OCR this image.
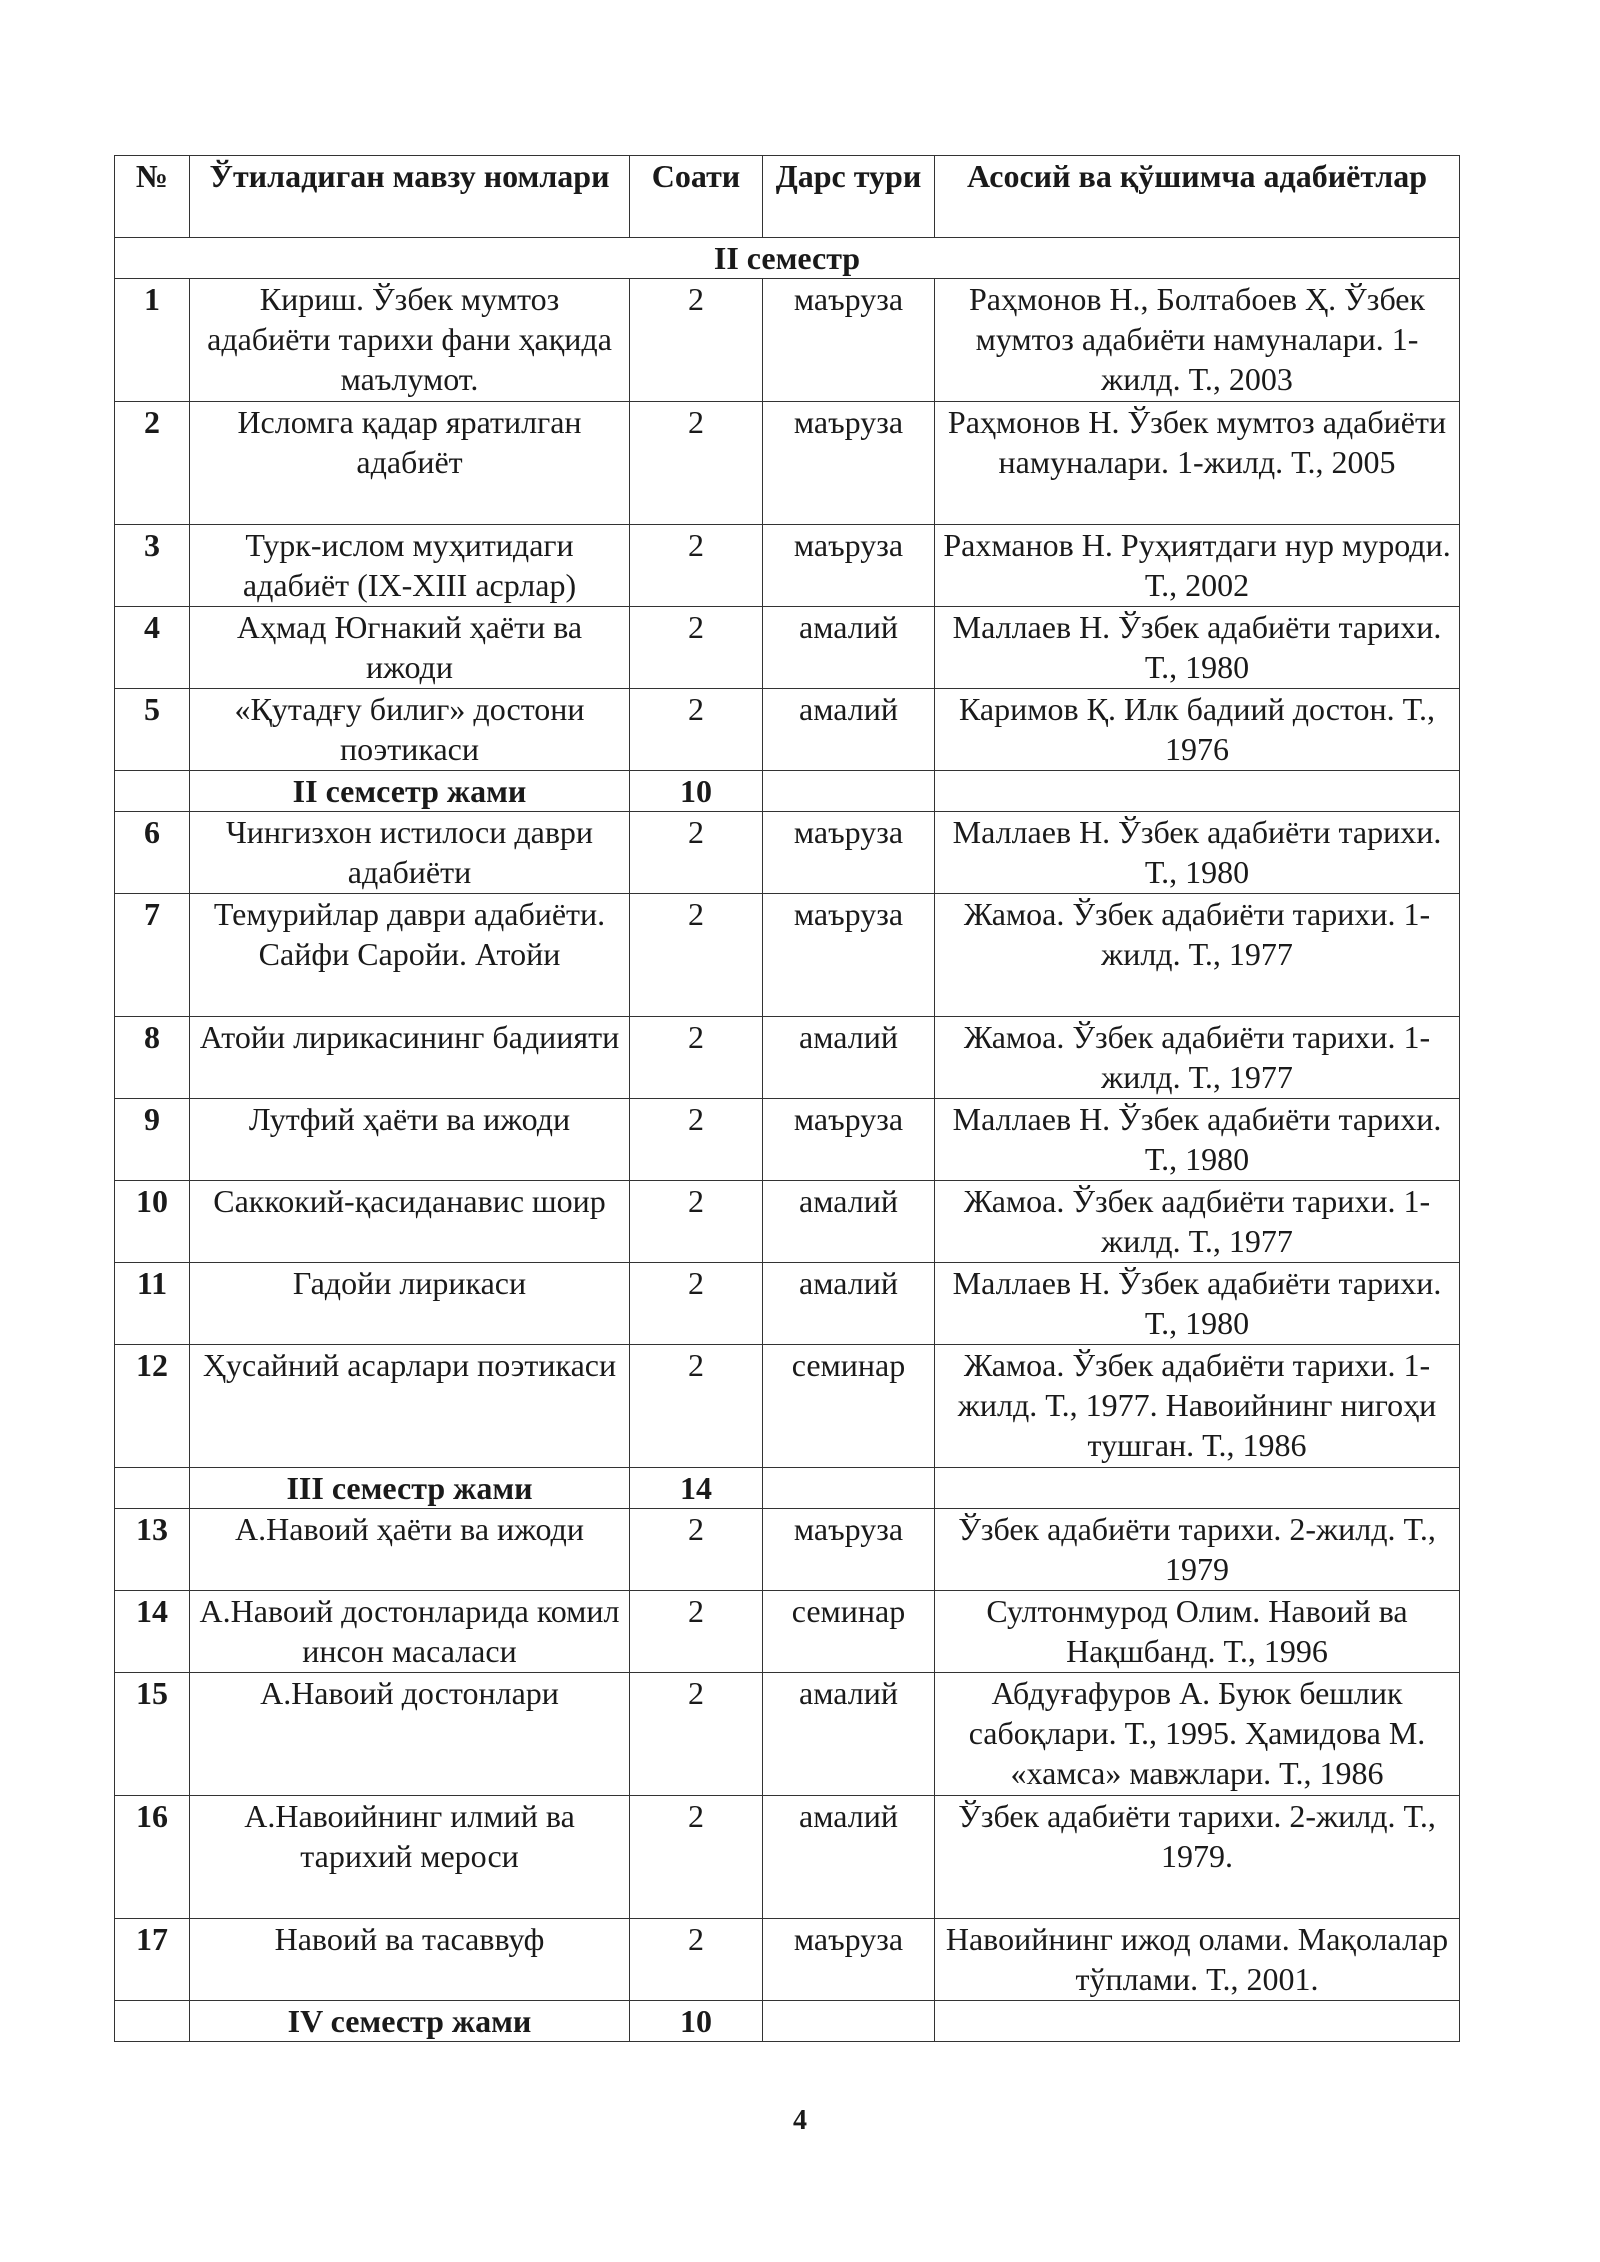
№	Ўтиладиган мавзу номлари	Соати	Дарс тури	Асосий ва қўшимча адабиётлар
II семестр				
1	Кириш. Ўзбек мумтоз адабиёти тарихи фани ҳақида маълумот.	2	маъруза	Раҳмонов Н., Болтабоев Ҳ. Ўзбек мумтоз адабиёти намуналари. 1-жилд. Т., 2003
2	Исломга қадар яратилган адабиёт	2	маъруза	Раҳмонов Н. Ўзбек мумтоз адабиёти намуналари. 1-жилд. Т., 2005
3	Турк-ислом муҳитидаги адабиёт (IX-XIII асрлар)	2	маъруза	Рахманов Н. Руҳиятдаги нур муроди. Т., 2002
4	Аҳмад Югнакий ҳаёти ва ижоди	2	амалий	Маллаев Н. Ўзбек адабиёти тарихи. Т., 1980
5	«Қутадғу билиг» достони поэтикаси	2	амалий	Каримов Қ. Илк бадиий достон. Т., 1976
	II семсетр жами	10		
6	Чингизхон истилоси даври адабиёти	2	маъруза	Маллаев Н. Ўзбек адабиёти тарихи. Т., 1980
7	Темурийлар даври адабиёти. Сайфи Саройи. Атойи	2	маъруза	Жамоа. Ўзбек адабиёти тарихи. 1-жилд. Т., 1977
8	Атойи лирикасининг бадиияти	2	амалий	Жамоа. Ўзбек адабиёти тарихи. 1-жилд. Т., 1977
9	Лутфий ҳаёти ва ижоди	2	маъруза	Маллаев Н. Ўзбек адабиёти тарихи. Т., 1980
10	Саккокий-қасиданавис шоир	2	амалий	Жамоа. Ўзбек аадбиёти тарихи. 1-жилд. Т., 1977
11	Гадойи лирикаси	2	амалий	Маллаев Н. Ўзбек адабиёти тарихи. Т., 1980
12	Ҳусайний асарлари поэтикаси	2	семинар	Жамоа. Ўзбек адабиёти тарихи. 1-жилд. Т., 1977. Навоийнинг нигоҳи тушган. Т., 1986
	III семестр жами	14		
13	А.Навоий ҳаёти ва ижоди	2	маъруза	Ўзбек адабиёти тарихи. 2-жилд. Т., 1979
14	А.Навоий достонларида комил инсон масаласи	2	семинар	Султонмурод Олим. Навоий ва Нақшбанд. Т., 1996
15	А.Навоий достонлари	2	амалий	Абдуғафуров А. Буюк бешлик сабоқлари. Т., 1995. Ҳамидова М. «хамса» мавжлари. Т., 1986
16	А.Навоийнинг илмий ва тарихий мероси	2	амалий	Ўзбек адабиёти тарихи. 2-жилд. Т., 1979.
17	Навоий ва тасаввуф	2	маъруза	Навоийнинг ижод олами. Мақолалар тўплами. Т., 2001.
	IV семестр жами	10		
4
